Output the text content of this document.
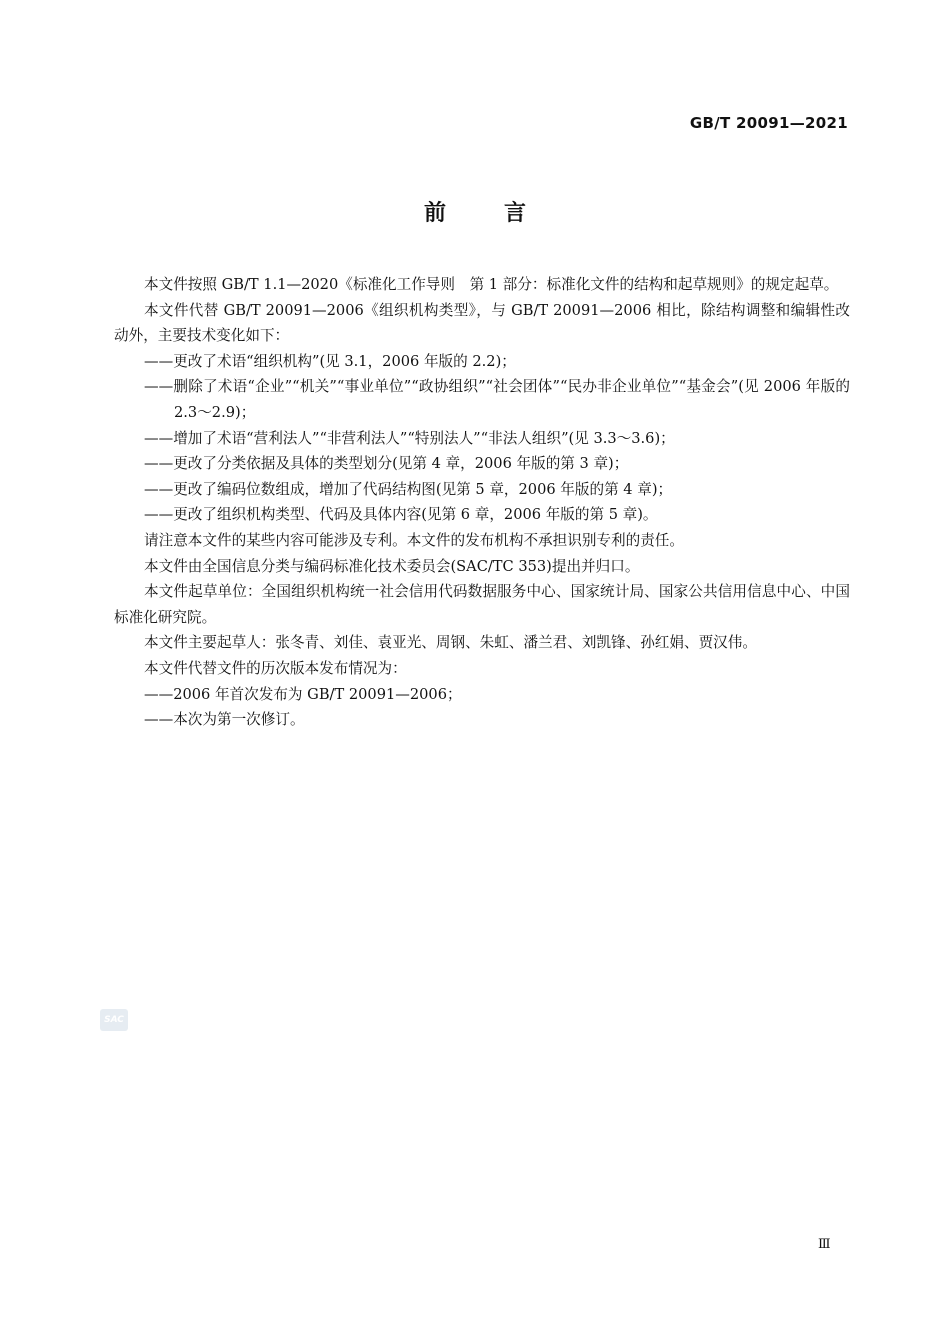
GB/T 20091—2021
前言

本文件按照 GB/T 1.1—2020《标准化工作导则　第 1 部分：标准化文件的结构和起草规则》的规定起草。

本文件代替 GB/T 20091—2006《组织机构类型》，与 GB/T 20091—2006 相比，除结构调整和编辑性改动外，主要技术变化如下：

——更改了术语“组织机构”(见 3.1，2006 年版的 2.2)；

——删除了术语“企业”“机关”“事业单位”“政协组织”“社会团体”“民办非企业单位”“基金会”(见 2006 年版的 2.3～2.9)；

——增加了术语“营利法人”“非营利法人”“特别法人”“非法人组织”(见 3.3～3.6)；

——更改了分类依据及具体的类型划分(见第 4 章，2006 年版的第 3 章)；

——更改了编码位数组成，增加了代码结构图(见第 5 章，2006 年版的第 4 章)；

——更改了组织机构类型、代码及具体内容(见第 6 章，2006 年版的第 5 章)。

请注意本文件的某些内容可能涉及专利。本文件的发布机构不承担识别专利的责任。

本文件由全国信息分类与编码标准化技术委员会(SAC/TC 353)提出并归口。

本文件起草单位：全国组织机构统一社会信用代码数据服务中心、国家统计局、国家公共信用信息中心、中国标准化研究院。

本文件主要起草人：张冬青、刘佳、袁亚光、周钢、朱虹、潘兰君、刘凯锋、孙红娟、贾汉伟。

本文件代替文件的历次版本发布情况为：

——2006 年首次发布为 GB/T 20091—2006；

——本次为第一次修订。

SAC
Ⅲ
